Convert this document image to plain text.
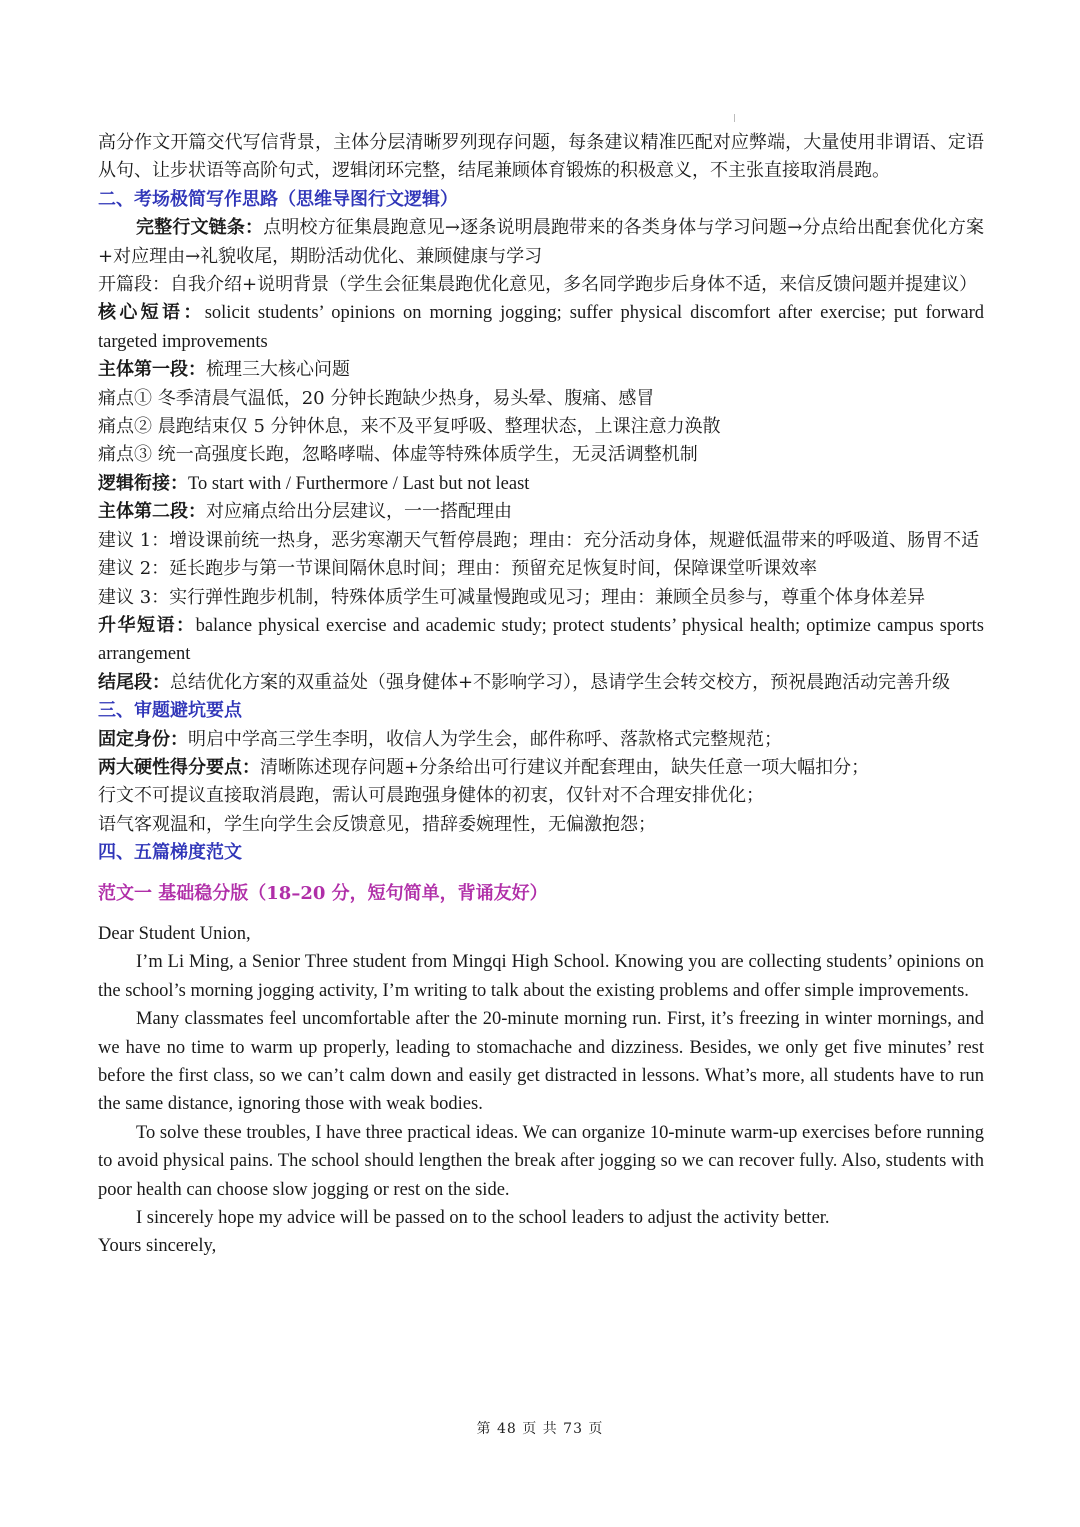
高分作文开篇交代写信背景，主体分层清晰罗列现存问题，每条建议精准匹配对应弊端，大量使用非谓语、定语从句、让步状语等高阶句式，逻辑闭环完整，结尾兼顾体育锻炼的积极意义，不主张直接取消晨跑。

二、考场极简写作思路（思维导图行文逻辑）

完整行文链条：点明校方征集晨跑意见→逐条说明晨跑带来的各类身体与学习问题→分点给出配套优化方案+对应理由→礼貌收尾，期盼活动优化、兼顾健康与学习

开篇段：自我介绍+说明背景（学生会征集晨跑优化意见，多名同学跑步后身体不适，来信反馈问题并提建议）

核心短语：solicit students’ opinions on morning jogging; suffer physical discomfort after exercise; put forward targeted improvements

主体第一段：梳理三大核心问题

痛点① 冬季清晨气温低，20 分钟长跑缺少热身，易头晕、腹痛、感冒

痛点② 晨跑结束仅 5 分钟休息，来不及平复呼吸、整理状态，上课注意力涣散

痛点③ 统一高强度长跑，忽略哮喘、体虚等特殊体质学生，无灵活调整机制

逻辑衔接：To start with / Furthermore / Last but not least

主体第二段：对应痛点给出分层建议，一一搭配理由

建议 1：增设课前统一热身，恶劣寒潮天气暂停晨跑；理由：充分活动身体，规避低温带来的呼吸道、肠胃不适

建议 2：延长跑步与第一节课间隔休息时间；理由：预留充足恢复时间，保障课堂听课效率

建议 3：实行弹性跑步机制，特殊体质学生可减量慢跑或见习；理由：兼顾全员参与，尊重个体身体差异

升华短语：balance physical exercise and academic study; protect students’ physical health; optimize campus sports arrangement

结尾段：总结优化方案的双重益处（强身健体+不影响学习），恳请学生会转交校方，预祝晨跑活动完善升级

三、审题避坑要点

固定身份：明启中学高三学生李明，收信人为学生会，邮件称呼、落款格式完整规范；

两大硬性得分要点：清晰陈述现存问题+分条给出可行建议并配套理由，缺失任意一项大幅扣分；

行文不可提议直接取消晨跑，需认可晨跑强身健体的初衷，仅针对不合理安排优化；

语气客观温和，学生向学生会反馈意见，措辞委婉理性，无偏激抱怨；

四、五篇梯度范文

范文一 基础稳分版（18–20 分，短句简单，背诵友好）

Dear Student Union,

I’m Li Ming, a Senior Three student from Mingqi High School. Knowing you are collecting students’ opinions on the school’s morning jogging activity, I’m writing to talk about the existing problems and offer simple improvements.

Many classmates feel uncomfortable after the 20-minute morning run. First, it’s freezing in winter mornings, and we have no time to warm up properly, leading to stomachache and dizziness. Besides, we only get five minutes’ rest before the first class, so we can’t calm down and easily get distracted in lessons. What’s more, all students have to run the same distance, ignoring those with weak bodies.

To solve these troubles, I have three practical ideas. We can organize 10-minute warm-up exercises before running to avoid physical pains. The school should lengthen the break after jogging so we can recover fully. Also, students with poor health can choose slow jogging or rest on the side.

I sincerely hope my advice will be passed on to the school leaders to adjust the activity better.

Yours sincerely,

第 48 页 共 73 页
